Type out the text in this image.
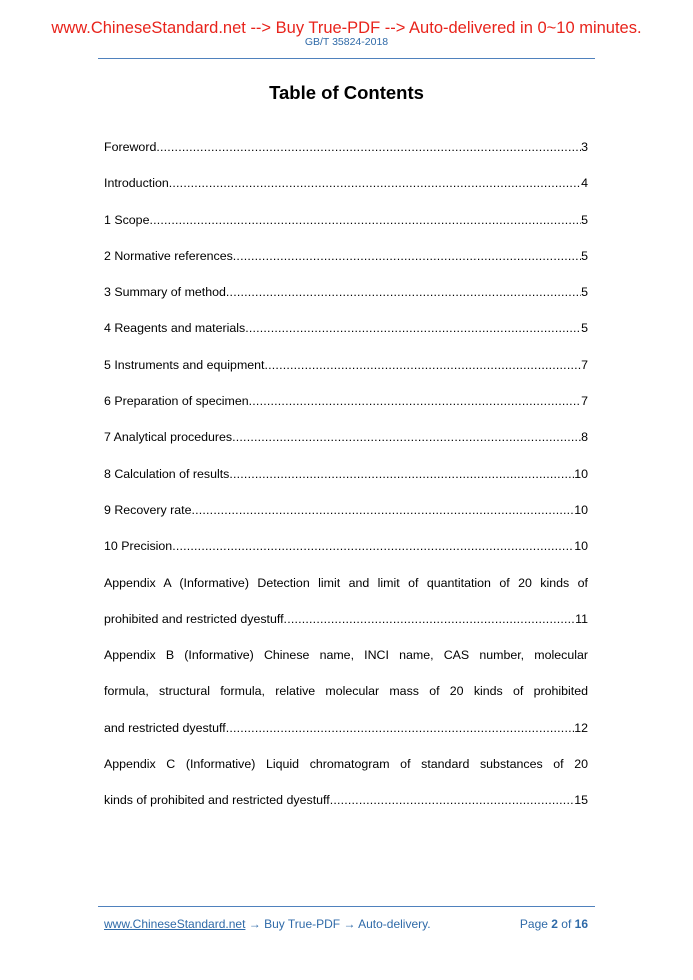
www.ChineseStandard.net --> Buy True-PDF --> Auto-delivered in 0~10 minutes.
GB/T 35824-2018
Table of Contents
Foreword .....	3
Introduction .....	4
1 Scope .....	5
2 Normative references .....	5
3 Summary of method .....	5
4 Reagents and materials .....	5
5 Instruments and equipment .....	7
6 Preparation of specimen .....	7
7 Analytical procedures .....	8
8 Calculation of results .....	10
9 Recovery rate .....	10
10 Precision .....	10
Appendix A (Informative) Detection limit and limit of quantitation of 20 kinds of
prohibited and restricted dyestuff .....	11
Appendix B (Informative) Chinese name, INCI name, CAS number, molecular
formula, structural formula, relative molecular mass of 20 kinds of prohibited
and restricted dyestuff .....	12
Appendix C (Informative) Liquid chromatogram of standard substances of 20
kinds of prohibited and restricted dyestuff .....	15
www.ChineseStandard.net → Buy True-PDF → Auto-delivery.	Page 2 of 16
